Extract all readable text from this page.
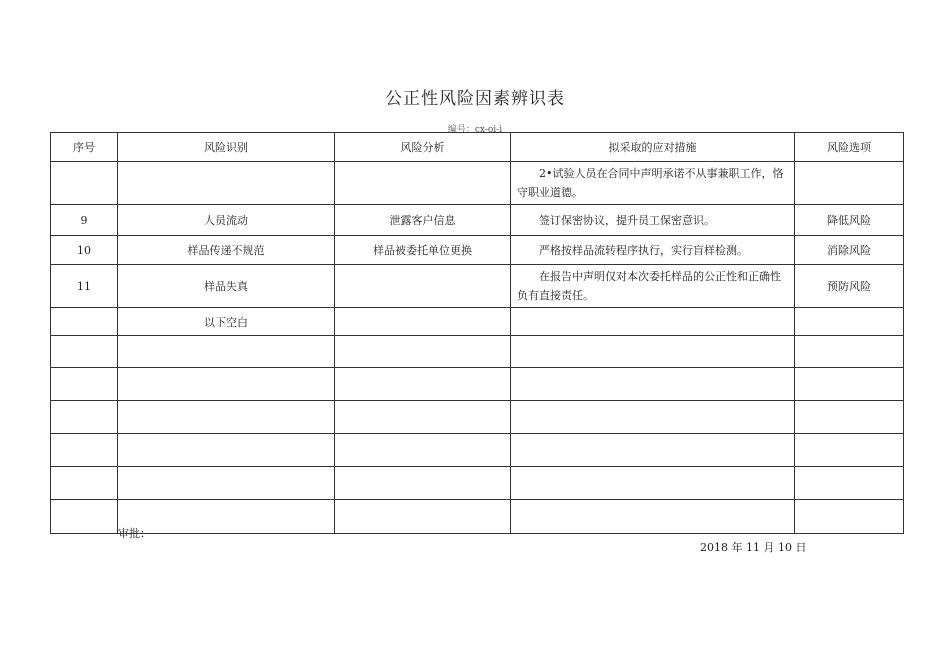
公正性风险因素辨识表
编号：cx-oi-i
序号	风险识别	风险分析	拟采取的应对措施	风险选项
			2•试验人员在合同中声明承诺不从事兼职工作，恪守职业道德。	
9	人员流动	泄露客户信息	签订保密协议，提升员工保密意识。	降低风险
10	样品传递不规范	样品被委托单位更换	严格按样品流转程序执行，实行盲样检测。	消除风险
11	样品失真		在报告中声明仅对本次委托样品的公正性和正确性负有直接责任。	预防风险
	以下空白			

审批：
2018 年 11 月 10 日
